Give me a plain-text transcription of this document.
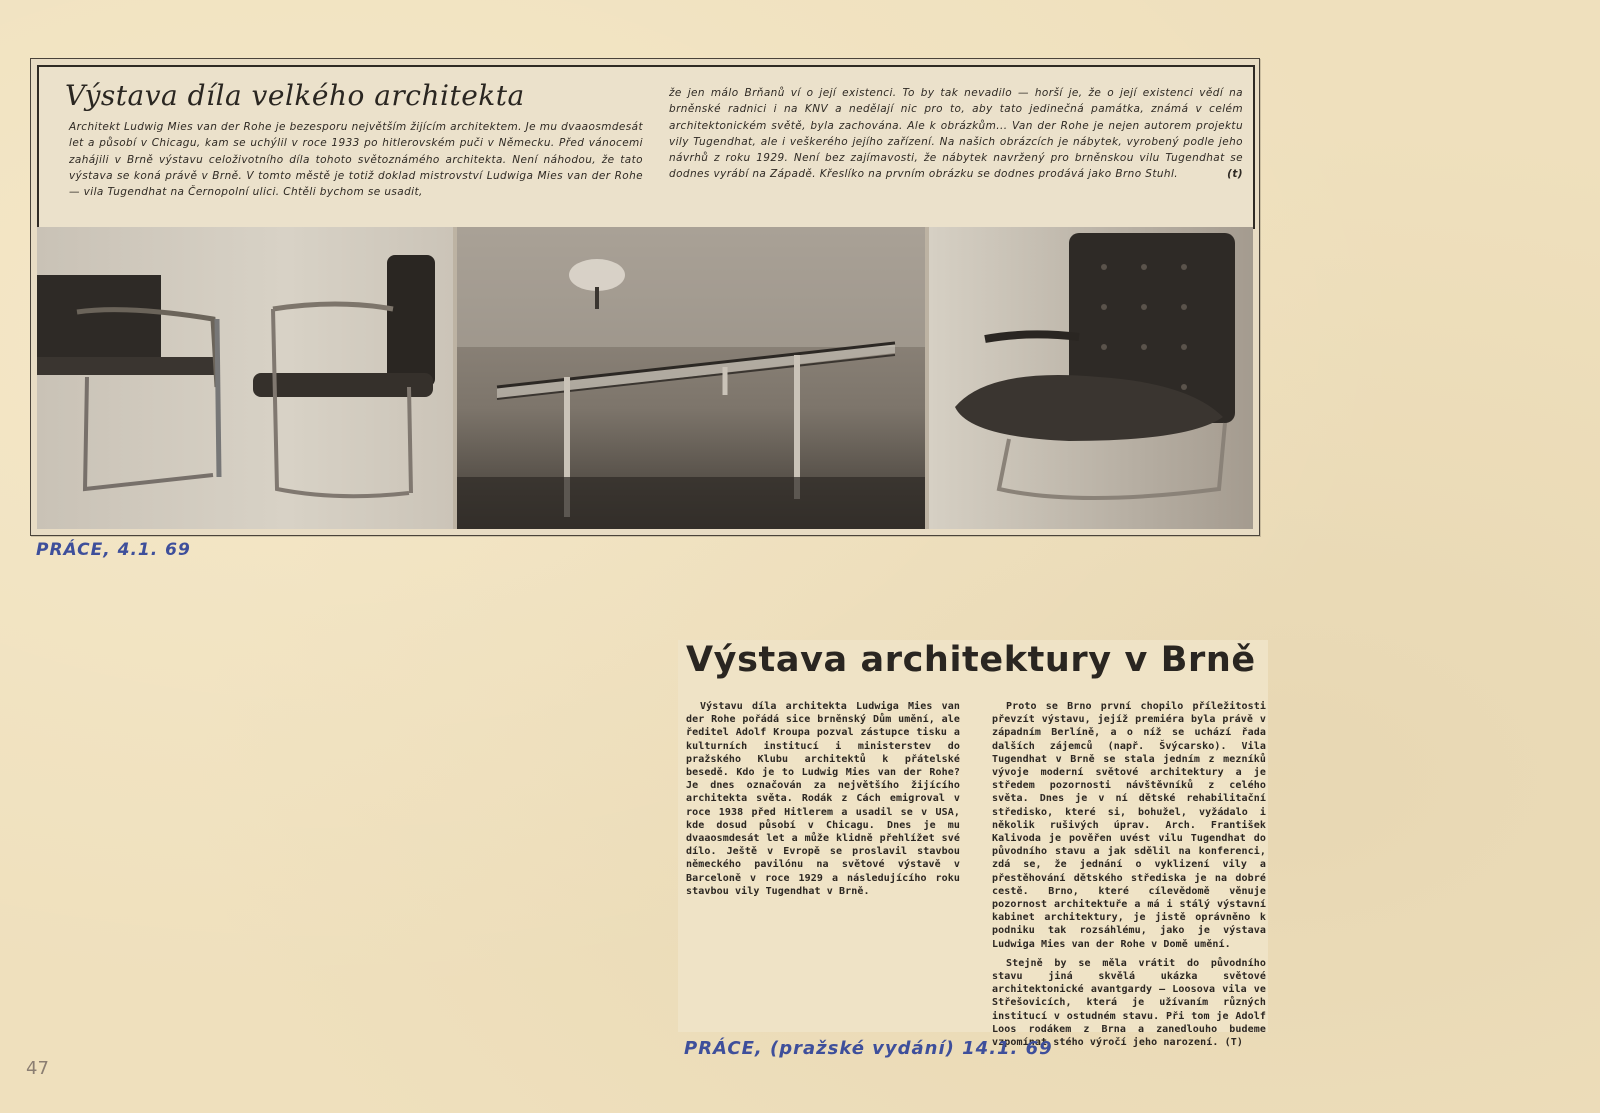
Výstava díla velkého architekta
Architekt Ludwig Mies van der Rohe je bezesporu největším žijícím architektem. Je mu dvaaosmdesát let a působí v Chicagu, kam se uchýlil v roce 1933 po hitlerovském puči v Německu. Před vánocemi zahájili v Brně výstavu celoživotního díla tohoto světoznámého architekta. Není náhodou, že tato výstava se koná právě v Brně. V tomto městě je totiž doklad mistrovství Ludwiga Mies van der Rohe — vila Tugendhat na Černopolní ulici. Chtěli bychom se usadit,
že jen málo Brňanů ví o její existenci. To by tak nevadilo — horší je, že o její existenci vědí na brněnské radnici i na KNV a nedělají nic pro to, aby tato jedinečná památka, známá v celém architektonickém světě, byla zachována. Ale k obrázkům... Van der Rohe je nejen autorem projektu vily Tugendhat, ale i veškerého jejího zařízení. Na našich obrázcích je nábytek, vyrobený podle jeho návrhů z roku 1929. Není bez zajímavosti, že nábytek navržený pro brněnskou vilu Tugendhat se dodnes vyrábí na Západě. Křeslíko na prvním obrázku se dodnes prodává jako Brno Stuhl.	(t)

PRÁCE, 4.1. 69

Výstava architektury v Brně

Výstavu díla architekta Ludwiga Mies van der Rohe pořádá sice brněnský Dům umění, ale ředitel Adolf Kroupa pozval zástupce tisku a kulturních institucí i ministerstev do pražského Klubu architektů k přátelské besedě. Kdo je to Ludwig Mies van der Rohe? Je dnes označován za největšího žijícího architekta světa. Rodák z Cách emigroval v roce 1938 před Hitlerem a usadil se v USA, kde dosud působí v Chicagu. Dnes je mu dvaaosmdesát let a může klidně přehlížet své dílo. Ještě v Evropě se proslavil stavbou německého pavilónu na světové výstavě v Barceloně v roce 1929 a následujícího roku stavbou vily Tugendhat v Brně.

Proto se Brno první chopilo příležitosti převzít výstavu, jejíž premiéra byla právě v západním Berlíně, a o níž se uchází řada dalších zájemců (např. Švýcarsko). Vila Tugendhat v Brně se stala jedním z mezníků vývoje moderní světové architektury a je středem pozornosti návštěvníků z celého světa. Dnes je v ní dětské rehabilitační středisko, které si, bohužel, vyžádalo i několik rušivých úprav. Arch. František Kalivoda je pověřen uvést vilu Tugendhat do původního stavu a jak sdělil na konferenci, zdá se, že jednání o vyklizení vily a přestěhování dětského střediska je na dobré cestě. Brno, které cílevědomě věnuje pozornost architektuře a má i stálý výstavní kabinet architektury, je jistě oprávněno k podniku tak rozsáhlému, jako je výstava Ludwiga Mies van der Rohe v Domě umění.

Stejně by se měla vrátit do původního stavu jiná skvělá ukázka světové architektonické avantgardy — Loosova vila ve Střešovicích, která je užívaním různých institucí v ostudném stavu. Při tom je Adolf Loos rodákem z Brna a zanedlouho budeme vzpomínat stého výročí jeho narození. (T)

PRÁCE, (pražské vydání) 14.1. 69

47
